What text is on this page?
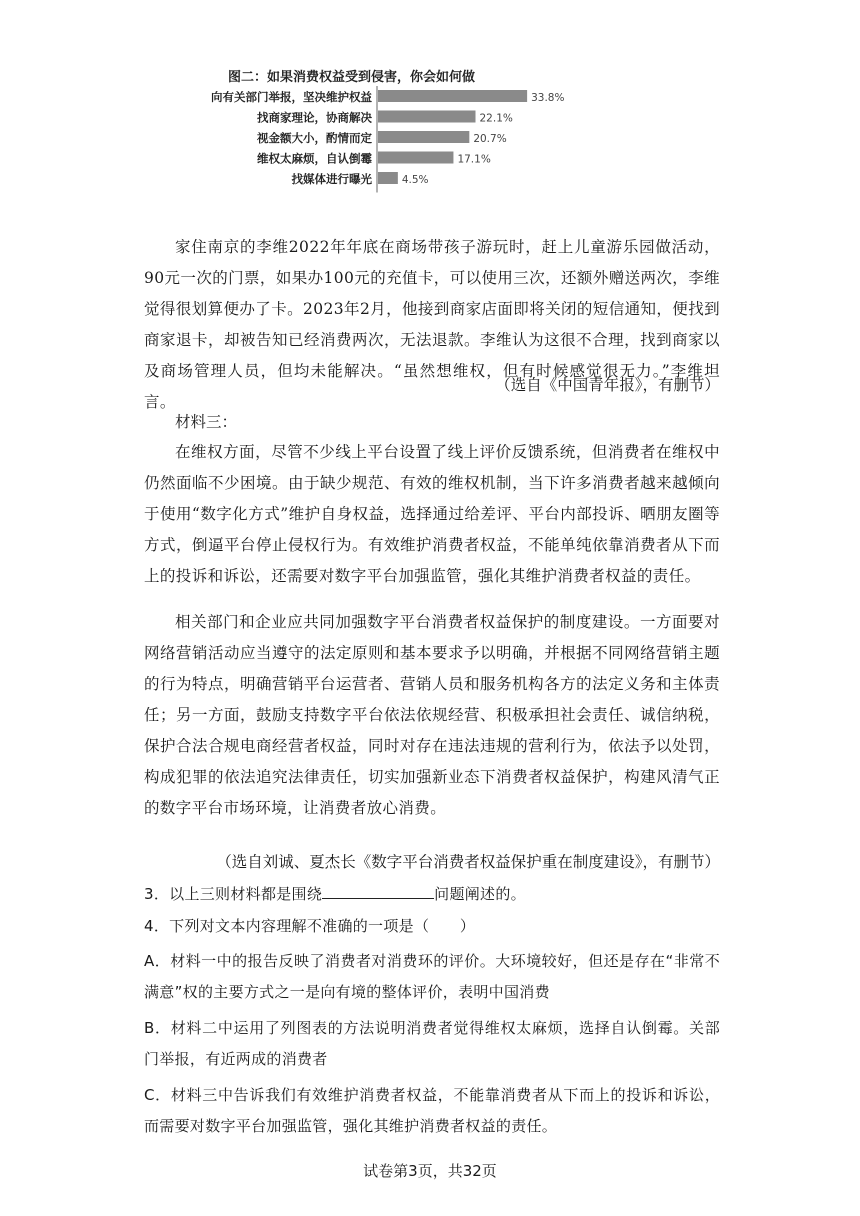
图二：如果消费权益受到侵害，你会如何做
向有关部门举报，坚决维护权益	33.8%
找商家理论，协商解决	22.1%
视金额大小，酌情而定	20.7%
维权太麻烦，自认倒霉	17.1%
找媒体进行曝光	4.5%

家住南京的李维2022年年底在商场带孩子游玩时，赶上儿童游乐园做活动，90元一次的门票，如果办100元的充值卡，可以使用三次，还额外赠送两次，李维觉得很划算便办了卡。2023年2月，他接到商家店面即将关闭的短信通知，便找到商家退卡，却被告知已经消费两次，无法退款。李维认为这很不合理，找到商家以及商场管理人员，但均未能解决。“虽然想维权，但有时候感觉很无力。”李维坦言。

（选自《中国青年报》，有删节）
材料三：

在维权方面，尽管不少线上平台设置了线上评价反馈系统，但消费者在维权中仍然面临不少困境。由于缺少规范、有效的维权机制，当下许多消费者越来越倾向于使用“数字化方式”维护自身权益，选择通过给差评、平台内部投诉、晒朋友圈等方式，倒逼平台停止侵权行为。有效维护消费者权益，不能单纯依靠消费者从下而上的投诉和诉讼，还需要对数字平台加强监管，强化其维护消费者权益的责任。

相关部门和企业应共同加强数字平台消费者权益保护的制度建设。一方面要对网络营销活动应当遵守的法定原则和基本要求予以明确，并根据不同网络营销主题的行为特点，明确营销平台运营者、营销人员和服务机构各方的法定义务和主体责任；另一方面，鼓励支持数字平台依法依规经营、积极承担社会责任、诚信纳税，保护合法合规电商经营者权益，同时对存在违法违规的营利行为，依法予以处罚，构成犯罪的依法追究法律责任，切实加强新业态下消费者权益保护，构建风清气正的数字平台市场环境，让消费者放心消费。

（选自刘诚、夏杰长《数字平台消费者权益保护重在制度建设》，有删节）

3．以上三则材料都是围绕	问题阐述的。

4．下列对文本内容理解不准确的一项是（　　）

A．材料一中的报告反映了消费者对消费环的评价。大环境较好，但还是存在“非常不满意”权的主要方式之一是向有境的整体评价，表明中国消费

B．材料二中运用了列图表的方法说明消费者觉得维权太麻烦，选择自认倒霉。关部门举报，有近两成的消费者

C．材料三中告诉我们有效维护消费者权益，不能靠消费者从下而上的投诉和诉讼，而需要对数字平台加强监管，强化其维护消费者权益的责任。

试卷第3页，共32页
